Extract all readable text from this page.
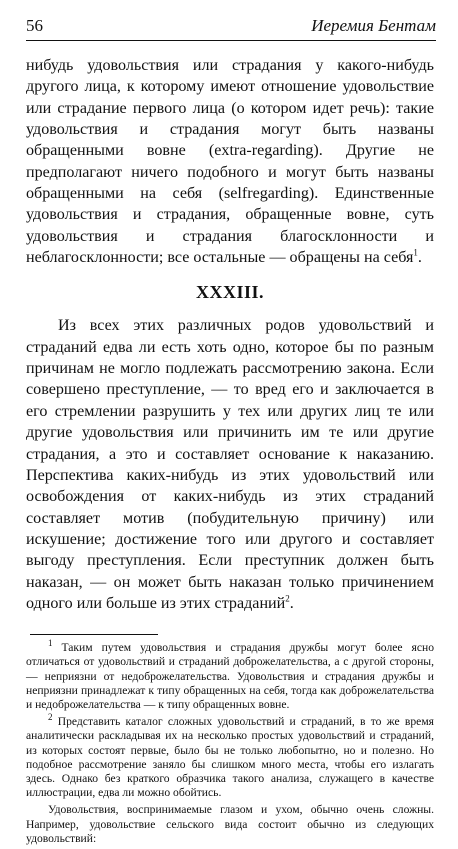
56	Иеремия Бентам

нибудь удовольствия или страдания у какого-нибудь другого лица, к которому имеют отношение удовольствие или страдание первого лица (о котором идет речь): такие удовольствия и страдания могут быть названы обращенными вовне (extra-regarding). Другие не предполагают ничего подобного и могут быть названы обращенными на себя (selfregarding). Единственные удовольствия и страдания, обращенные вовне, суть удовольствия и страдания благосклонности и неблагосклонности; все остальные — обращены на себя$^1$.

XXXIII.

Из всех этих различных родов удовольствий и страданий едва ли есть хоть одно, которое бы по разным причинам не могло подлежать рассмотрению закона. Если совершено преступление, — то вред его и заключается в его стремлении разрушить у тех или других лиц те или другие удовольствия или причинить им те или другие страдания, а это и составляет основание к наказанию. Перспектива каких-нибудь из этих удовольствий или освобождения от каких-нибудь из этих страданий составляет мотив (побудительную причину) или искушение; достижение того или другого и составляет выгоду преступления. Если преступник должен быть наказан, — он может быть наказан только причинением одного или больше из этих страданий$^2$.

$^1$ Таким путем удовольствия и страдания дружбы могут более ясно отличаться от удовольствий и страданий доброжелательства, а с другой стороны, — неприязни от недоброжелательства. Удовольствия и страдания дружбы и неприязни принадлежат к типу обращенных на себя, тогда как доброжелательства и недоброжелательства — к типу обращенных вовне.

$^2$ Представить каталог сложных удовольствий и страданий, в то же время аналитически раскладывая их на несколько простых удовольствий и страданий, из которых состоят первые, было бы не только любопытно, но и полезно. Но подобное рассмотрение заняло бы слишком много места, чтобы его излагать здесь. Однако без краткого образчика такого анализа, служащего в качестве иллюстрации, едва ли можно обойтись.

Удовольствия, воспринимаемые глазом и ухом, обычно очень сложны. Например, удовольствие сельского вида состоит обычно из следующих удовольствий:
